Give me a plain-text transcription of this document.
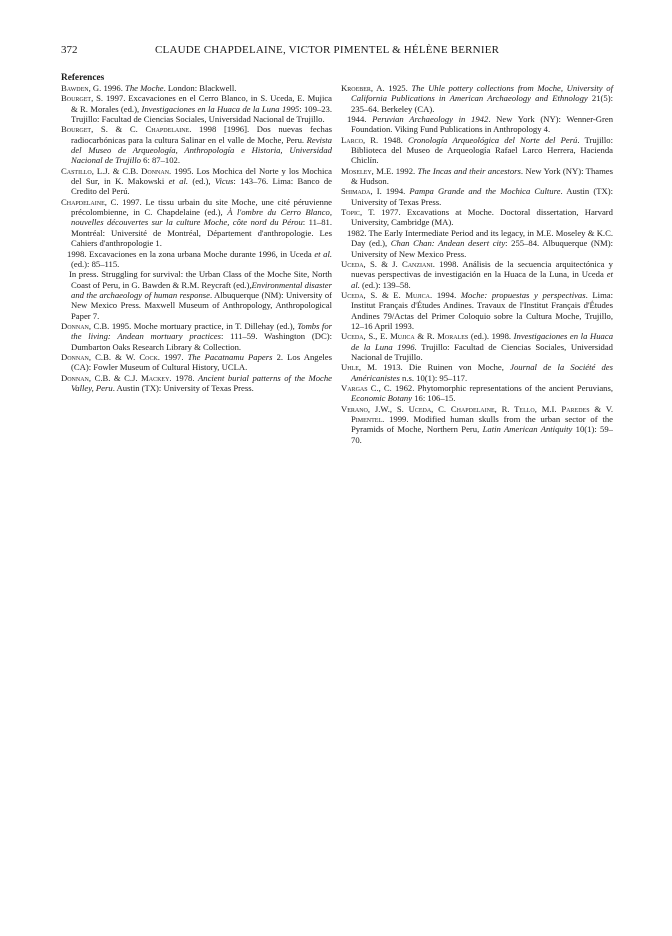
372	CLAUDE CHAPDELAINE, VICTOR PIMENTEL & HÉLÈNE BERNIER
References

Bawden, G. 1996. The Moche. London: Blackwell.

Bourget, S. 1997. Excavaciones en el Cerro Blanco, in S. Uceda, E. Mujica & R. Morales (ed.), Investigaciones en la Huaca de la Luna 1995: 109–23. Trujillo: Facultad de Ciencias Sociales, Universidad Nacional de Trujillo.

Bourget, S. & C. Chapdelaine. 1998 [1996]. Dos nuevas fechas radiocarbónicas para la cultura Salinar en el valle de Moche, Peru. Revista del Museo de Arqueología, Anthropología e Historia, Universidad Nacional de Trujillo 6: 87–102.

Castillo, L.J. & C.B. Donnan. 1995. Los Mochica del Norte y los Mochica del Sur, in K. Makowski et al. (ed.), Vicus: 143–76. Lima: Banco de Credito del Perú.

Chapdelaine, C. 1997. Le tissu urbain du site Moche, une cité péruvienne précolombienne, in C. Chapdelaine (ed.), À l'ombre du Cerro Blanco, nouvelles découvertes sur la culture Moche, côte nord du Pérou: 11–81. Montréal: Université de Montréal, Département d'anthropologie. Les Cahiers d'anthropologie 1.

1998. Excavaciones en la zona urbana Moche durante 1996, in Uceda et al. (ed.): 85–115.

In press. Struggling for survival: the Urban Class of the Moche Site, North Coast of Peru, in G. Bawden & R.M. Reycraft (ed.),Environmental disaster and the archaeology of human response. Albuquerque (NM): University of New Mexico Press. Maxwell Museum of Anthropology, Anthropological Paper 7.

Donnan, C.B. 1995. Moche mortuary practice, in T. Dillehay (ed.), Tombs for the living: Andean mortuary practices: 111–59. Washington (DC): Dumbarton Oaks Research Library & Collection.

Donnan, C.B. & W. Cock. 1997. The Pacatnamu Papers 2. Los Angeles (CA): Fowler Museum of Cultural History, UCLA.

Donnan, C.B. & C.J. Mackey. 1978. Ancient burial patterns of the Moche Valley, Peru. Austin (TX): University of Texas Press.

Kroeber, A. 1925. The Uhle pottery collections from Moche, University of California Publications in American Archaeology and Ethnology 21(5): 235–64. Berkeley (CA).

1944. Peruvian Archaeology in 1942. New York (NY): Wenner-Gren Foundation. Viking Fund Publications in Anthropology 4.

Larco, R. 1948. Cronología Arqueológica del Norte del Perú. Trujillo: Biblioteca del Museo de Arqueología Rafael Larco Herrera, Hacienda Chiclín.

Moseley, M.E. 1992. The Incas and their ancestors. New York (NY): Thames & Hudson.

Shimada, I. 1994. Pampa Grande and the Mochica Culture. Austin (TX): University of Texas Press.

Topic, T. 1977. Excavations at Moche. Doctoral dissertation, Harvard University, Cambridge (MA).

1982. The Early Intermediate Period and its legacy, in M.E. Moseley & K.C. Day (ed.), Chan Chan: Andean desert city: 255–84. Albuquerque (NM): University of New Mexico Press.

Uceda, S. & J. Canziani. 1998. Análisis de la secuencia arquitectónica y nuevas perspectivas de investigación en la Huaca de la Luna, in Uceda et al. (ed.): 139–58.

Uceda, S. & E. Mujica. 1994. Moche: propuestas y perspectivas. Lima: Institut Français d'Études Andines. Travaux de l'Institut Français d'Études Andines 79/Actas del Primer Coloquio sobre la Cultura Moche, Trujillo, 12–16 April 1993.

Uceda, S., E. Mujica & R. Morales (ed.). 1998. Investigaciones en la Huaca de la Luna 1996. Trujillo: Facultad de Ciencias Sociales, Universidad Nacional de Trujillo.

Uhle, M. 1913. Die Ruinen von Moche, Journal de la Société des Américanistes n.s. 10(1): 95–117.

Vargas C., C. 1962. Phytomorphic representations of the ancient Peruvians, Economic Botany 16: 106–15.

Verano, J.W., S. Uceda, C. Chapdelaine, R. Tello, M.I. Paredes & V. Pimentel. 1999. Modified human skulls from the urban sector of the Pyramids of Moche, Northern Peru, Latin American Antiquity 10(1): 59–70.
